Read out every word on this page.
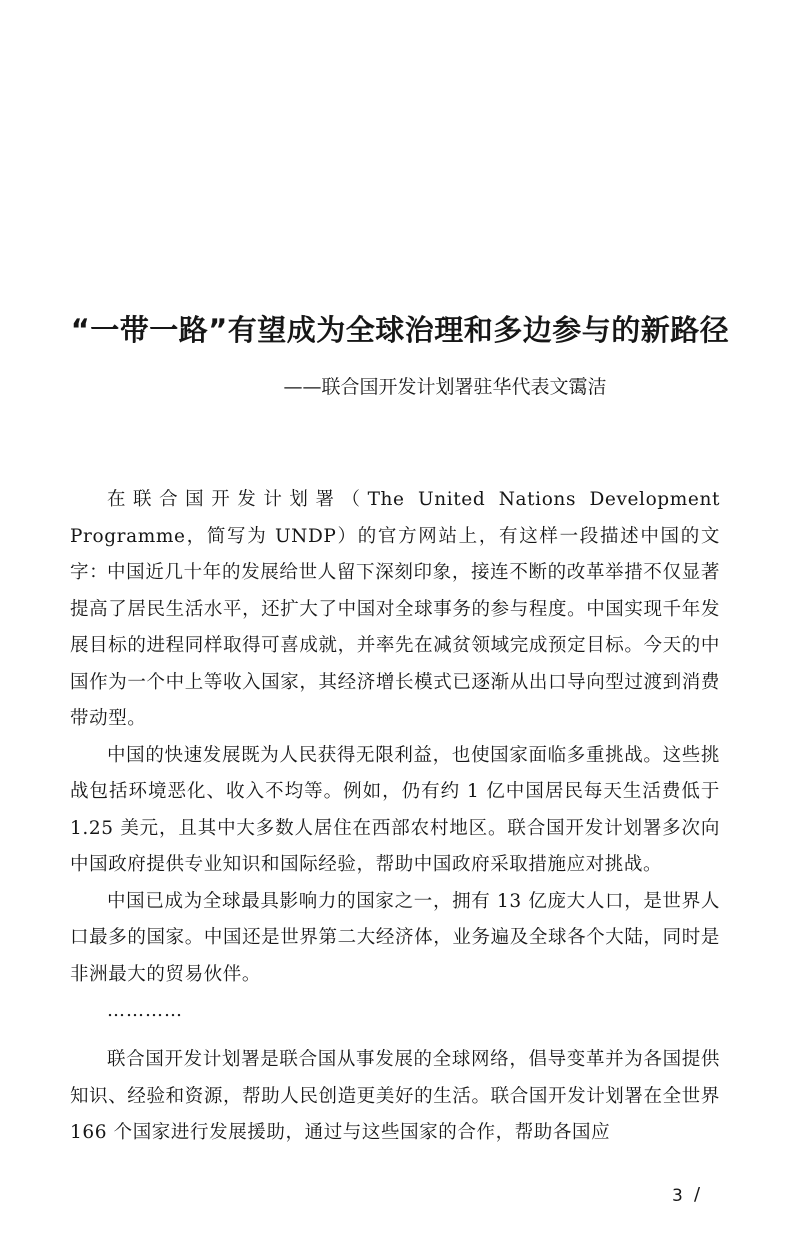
“一带一路”有望成为全球治理和多边参与的新路径

——联合国开发计划署驻华代表文霭洁

在联合国开发计划署（The United Nations Development Programme，简写为 UNDP）的官方网站上，有这样一段描述中国的文字：

中国近几十年的发展给世人留下深刻印象，接连不断的改革举措不仅显著提高了居民生活水平，还扩大了中国对全球事务的参与程度。中国实现千年发展目标的进程同样取得可喜成就，并率先在减贫领域完成预定目标。今天的中国作为一个中上等收入国家，其经济增长模式已逐渐从出口导向型过渡到消费带动型。

中国的快速发展既为人民获得无限利益，也使国家面临多重挑战。这些挑战包括环境恶化、收入不均等。例如，仍有约 1 亿中国居民每天生活费低于 1.25 美元，且其中大多数人居住在西部农村地区。联合国开发计划署多次向中国政府提供专业知识和国际经验，帮助中国政府采取措施应对挑战。

中国已成为全球最具影响力的国家之一，拥有 13 亿庞大人口，是世界人口最多的国家。中国还是世界第二大经济体，业务遍及全球各个大陆，同时是非洲最大的贸易伙伴。

…………

联合国开发计划署是联合国从事发展的全球网络，倡导变革并为各国提供知识、经验和资源，帮助人民创造更美好的生活。联合国开发计划署在全世界 166 个国家进行发展援助，通过与这些国家的合作，帮助各国应

3 /
